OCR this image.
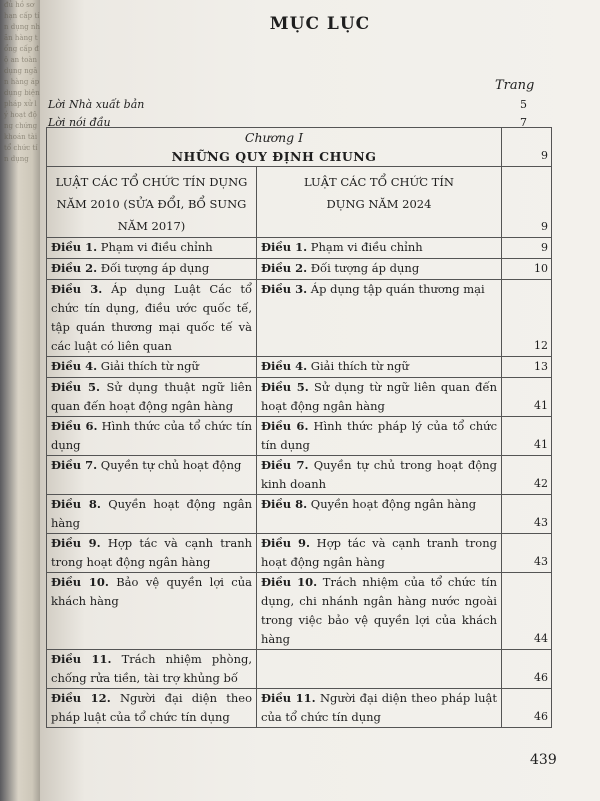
đủ hồ sơ hạn cấp tín dụng nhãn hàng tổng cấp độ an toàn dụng ngân hàng áp dụng biện pháp xử lý hoạt động chứng khoán tài tổ chức tín dụng
MỤC LỤC
Trang
Lời Nhà xuất bản	5
Lời nói đầu	7
Chương I
NHỮNG QUY ĐỊNH CHUNG		9
LUẬT CÁC TỔ CHỨC TÍN DỤNG NĂM 2010 (SỬA ĐỔI, BỔ SUNG NĂM 2017)	LUẬT CÁC TỔ CHỨC TÍN DỤNG NĂM 2024	9
Điều 1. Phạm vi điều chỉnh	Điều 1. Phạm vi điều chỉnh	9
Điều 2. Đối tượng áp dụng	Điều 2. Đối tượng áp dụng	10
Điều 3. Áp dụng Luật Các tổ chức tín dụng, điều ước quốc tế, tập quán thương mại quốc tế và các luật có liên quan	Điều 3. Áp dụng tập quán thương mại	12
Điều 4. Giải thích từ ngữ	Điều 4. Giải thích từ ngữ	13
Điều 5. Sử dụng thuật ngữ liên quan đến hoạt động ngân hàng	Điều 5. Sử dụng từ ngữ liên quan đến hoạt động ngân hàng	41
Điều 6. Hình thức của tổ chức tín dụng	Điều 6. Hình thức pháp lý của tổ chức tín dụng	41
Điều 7. Quyền tự chủ hoạt động	Điều 7. Quyền tự chủ trong hoạt động kinh doanh	42
Điều 8. Quyền hoạt động ngân hàng	Điều 8. Quyền hoạt động ngân hàng	43
Điều 9. Hợp tác và cạnh tranh trong hoạt động ngân hàng	Điều 9. Hợp tác và cạnh tranh trong hoạt động ngân hàng	43
Điều 10. Bảo vệ quyền lợi của khách hàng	Điều 10. Trách nhiệm của tổ chức tín dụng, chi nhánh ngân hàng nước ngoài trong việc bảo vệ quyền lợi của khách hàng	44
Điều 11. Trách nhiệm phòng, chống rửa tiền, tài trợ khủng bố		46
Điều 12. Người đại diện theo pháp luật của tổ chức tín dụng	Điều 11. Người đại diện theo pháp luật của tổ chức tín dụng	46
439
